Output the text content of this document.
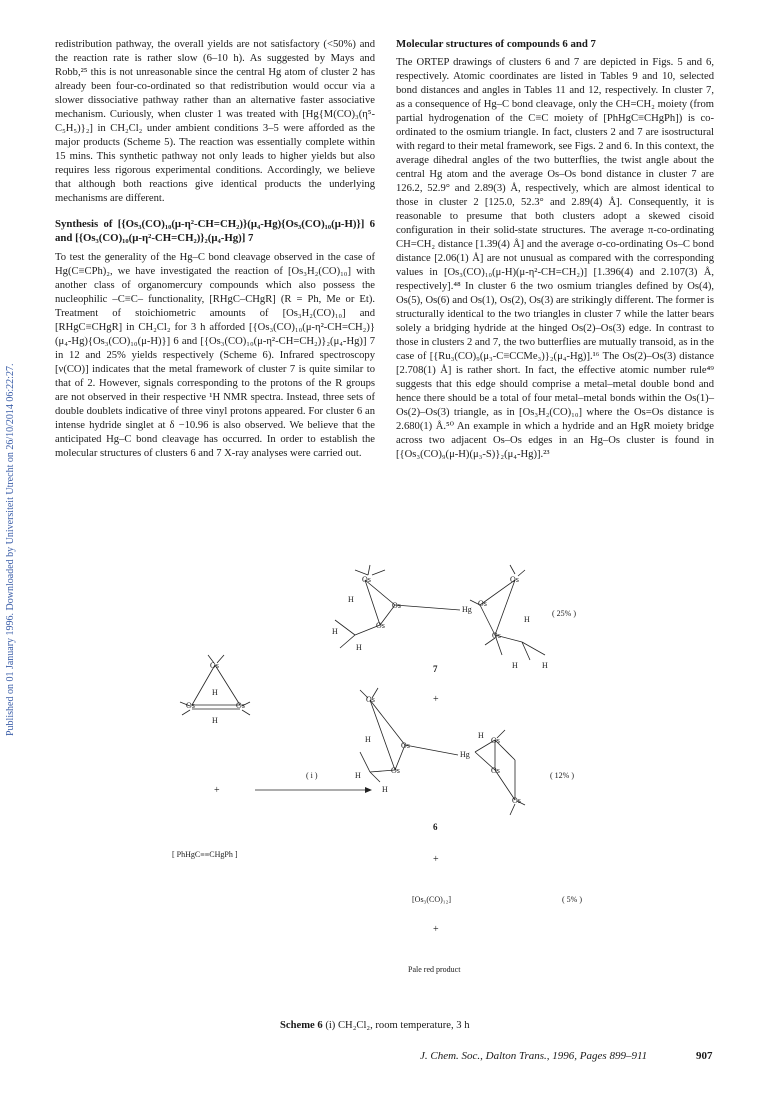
Published on 01 January 1996. Downloaded by Universiteit Utrecht on 26/10/2014 06:22:27.

redistribution pathway, the overall yields are not satisfactory (<50%) and the reaction rate is rather slow (6–10 h). As suggested by Mays and Robb,²⁵ this is not unreasonable since the central Hg atom of cluster 2 has already been four-co-ordinated so that redistribution would occur via a slower dissociative pathway rather than an alternative faster associative mechanism. Curiously, when cluster 1 was treated with [Hg{M(CO)₃(η⁵-C₅H₅)}₂] in CH₂Cl₂ under ambient conditions 3–5 were afforded as the major products (Scheme 5). The reaction was essentially complete within 15 mins. This synthetic pathway not only leads to higher yields but also requires less rigorous experimental conditions. Accordingly, we believe that although both reactions give identical products the underlying mechanisms are different.

Synthesis of [{Os₃(CO)₁₀(μ-η²-CH=CH₂)}(μ₄-Hg){Os₃(CO)₁₀(μ-H)}] 6 and [{Os₃(CO)₁₀(μ-η²-CH=CH₂)}₂(μ₄-Hg)] 7

To test the generality of the Hg–C bond cleavage observed in the case of Hg(C≡CPh)₂, we have investigated the reaction of [Os₃H₂(CO)₁₀] with another class of organomercury compounds which also possess the nucleophilic –C≡C– functionality, [RHgC–CHgR] (R = Ph, Me or Et). Treatment of stoichiometric amounts of [Os₃H₂(CO)₁₀] and [RHgC≡CHgR] in CH₂Cl₂ for 3 h afforded [{Os₃(CO)₁₀(μ-η²-CH=CH₂)}(μ₄-Hg){Os₃(CO)₁₀(μ-H)}] 6 and [{Os₃(CO)₁₀(μ-η²-CH=CH₂)}₂(μ₄-Hg)] 7 in 12 and 25% yields respectively (Scheme 6). Infrared spectroscopy [ν(CO)] indicates that the metal framework of cluster 7 is quite similar to that of 2. However, signals corresponding to the protons of the R groups are not observed in their respective ¹H NMR spectra. Instead, three sets of double doublets indicative of three vinyl protons appeared. For cluster 6 an intense hydride singlet at δ −10.96 is also observed. We believe that the anticipated Hg–C bond cleavage has occurred. In order to establish the molecular structures of clusters 6 and 7 X-ray analyses were carried out.

Molecular structures of compounds 6 and 7

The ORTEP drawings of clusters 6 and 7 are depicted in Figs. 5 and 6, respectively. Atomic coordinates are listed in Tables 9 and 10, selected bond distances and angles in Tables 11 and 12, respectively. In cluster 7, as a consequence of Hg–C bond cleavage, only the CH=CH₂ moiety (from partial hydrogenation of the C≡C moiety of [PhHgC≡CHgPh]) is co-ordinated to the osmium triangle. In fact, clusters 2 and 7 are isostructural with regard to their metal framework, see Figs. 2 and 6. In this context, the average dihedral angles of the two butterflies, the twist angle about the central Hg atom and the average Os–Os bond distance in cluster 7 are 126.2, 52.9° and 2.89(3) Å, respectively, which are almost identical to those in cluster 2 [125.0, 52.3° and 2.89(4) Å]. Consequently, it is reasonable to presume that both clusters adopt a skewed cisoid configuration in their solid-state structures. The average π-co-ordinating CH=CH₂ distance [1.39(4) Å] and the average σ-co-ordinating Os–C bond distance [2.06(1) Å] are not unusual as compared with the corresponding values in [Os₃(CO)₁₀(μ-H)(μ-η²-CH=CH₂)] [1.396(4) and 2.107(3) Å, respectively].⁴⁸ In cluster 6 the two osmium triangles defined by Os(4), Os(5), Os(6) and Os(1), Os(2), Os(3) are strikingly different. The former is structurally identical to the two triangles in cluster 7 while the latter bears solely a bridging hydride at the hinged Os(2)–Os(3) edge. In contrast to those in clusters 2 and 7, the two butterflies are mutually transoid, as in the case of [{Ru₃(CO)₉(μ₃-C≡CCMe₃)}₂(μ₄-Hg)].¹⁶ The Os(2)–Os(3) distance [2.708(1) Å] is rather short. In fact, the effective atomic number rule⁴⁹ suggests that this edge should comprise a metal–metal double bond and hence there should be a total of four metal–metal bonds within the Os(1)–Os(2)–Os(3) triangle, as in [Os₃H₂(CO)₁₀] where the Os=Os distance is 2.680(1) Å.⁵⁰ An example in which a hydride and an HgR moiety bridge across two adjacent Os–Os edges in an Hg–Os cluster is found in [{Os₃(CO)₉(μ-H)(μ₃-S)}₂(μ₄-Hg)].²³

Os
Os
Os
Hg
Os
Os
Os
H
H
H
H
H	H
( 25% )
7
+
Os
Os	Os
H
H
+
[ PhHgC≡≡CHgPh ]
( i )
Os
Os
Os
Hg
Os
Os
Os
H
H
H
H
( 12% )
6
+
[Os₃(CO)₁₂]	( 5% )
+
Pale red product
Scheme 6 (i) CH₂Cl₂, room temperature, 3 h
J. Chem. Soc., Dalton Trans., 1996, Pages 899–911	907
